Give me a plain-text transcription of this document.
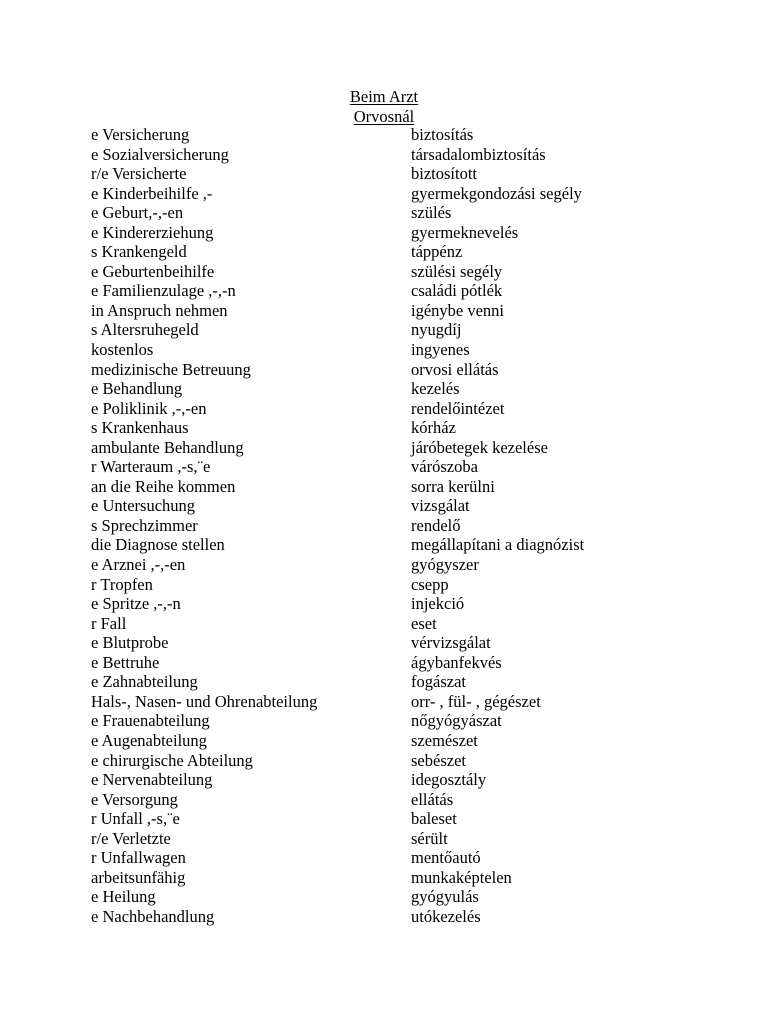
Beim Arzt
Orvosnál
e Versicherung	biztosítás
e Sozialversicherung	társadalombiztosítás
r/e Versicherte	biztosított
e Kinderbeihilfe ,-	gyermekgondozási segély
e Geburt,-,-en	szülés
e Kindererziehung	gyermeknevelés
s Krankengeld	táppénz
e Geburtenbeihilfe	szülési segély
e Familienzulage ,-,-n	családi pótlék
in Anspruch nehmen	igénybe venni
s Altersruhegeld	nyugdíj
kostenlos	ingyenes
medizinische Betreuung	orvosi ellátás
e Behandlung	kezelés
e Poliklinik ,-,-en	rendelőintézet
s Krankenhaus	kórház
ambulante Behandlung	járóbetegek kezelése
r Warteraum ,-s,¨e	várószoba
an die Reihe kommen	sorra kerülni
e Untersuchung	vizsgálat
s Sprechzimmer	rendelő
die Diagnose stellen	megállapítani a diagnózist
e Arznei ,-,-en	gyógyszer
r Tropfen	csepp
e Spritze ,-,-n	injekció
r Fall	eset
e Blutprobe	vérvizsgálat
e Bettruhe	ágybanfekvés
e Zahnabteilung	fogászat
Hals-, Nasen- und Ohrenabteilung	orr- , fül- , gégészet
e Frauenabteilung	nőgyógyászat
e Augenabteilung	szemészet
e chirurgische Abteilung	sebészet
e Nervenabteilung	idegosztály
e Versorgung	ellátás
r Unfall ,-s,¨e	baleset
r/e Verletzte	sérült
r Unfallwagen	mentőautó
arbeitsunfähig	munkaképtelen
e Heilung	gyógyulás
e Nachbehandlung	utókezelés
